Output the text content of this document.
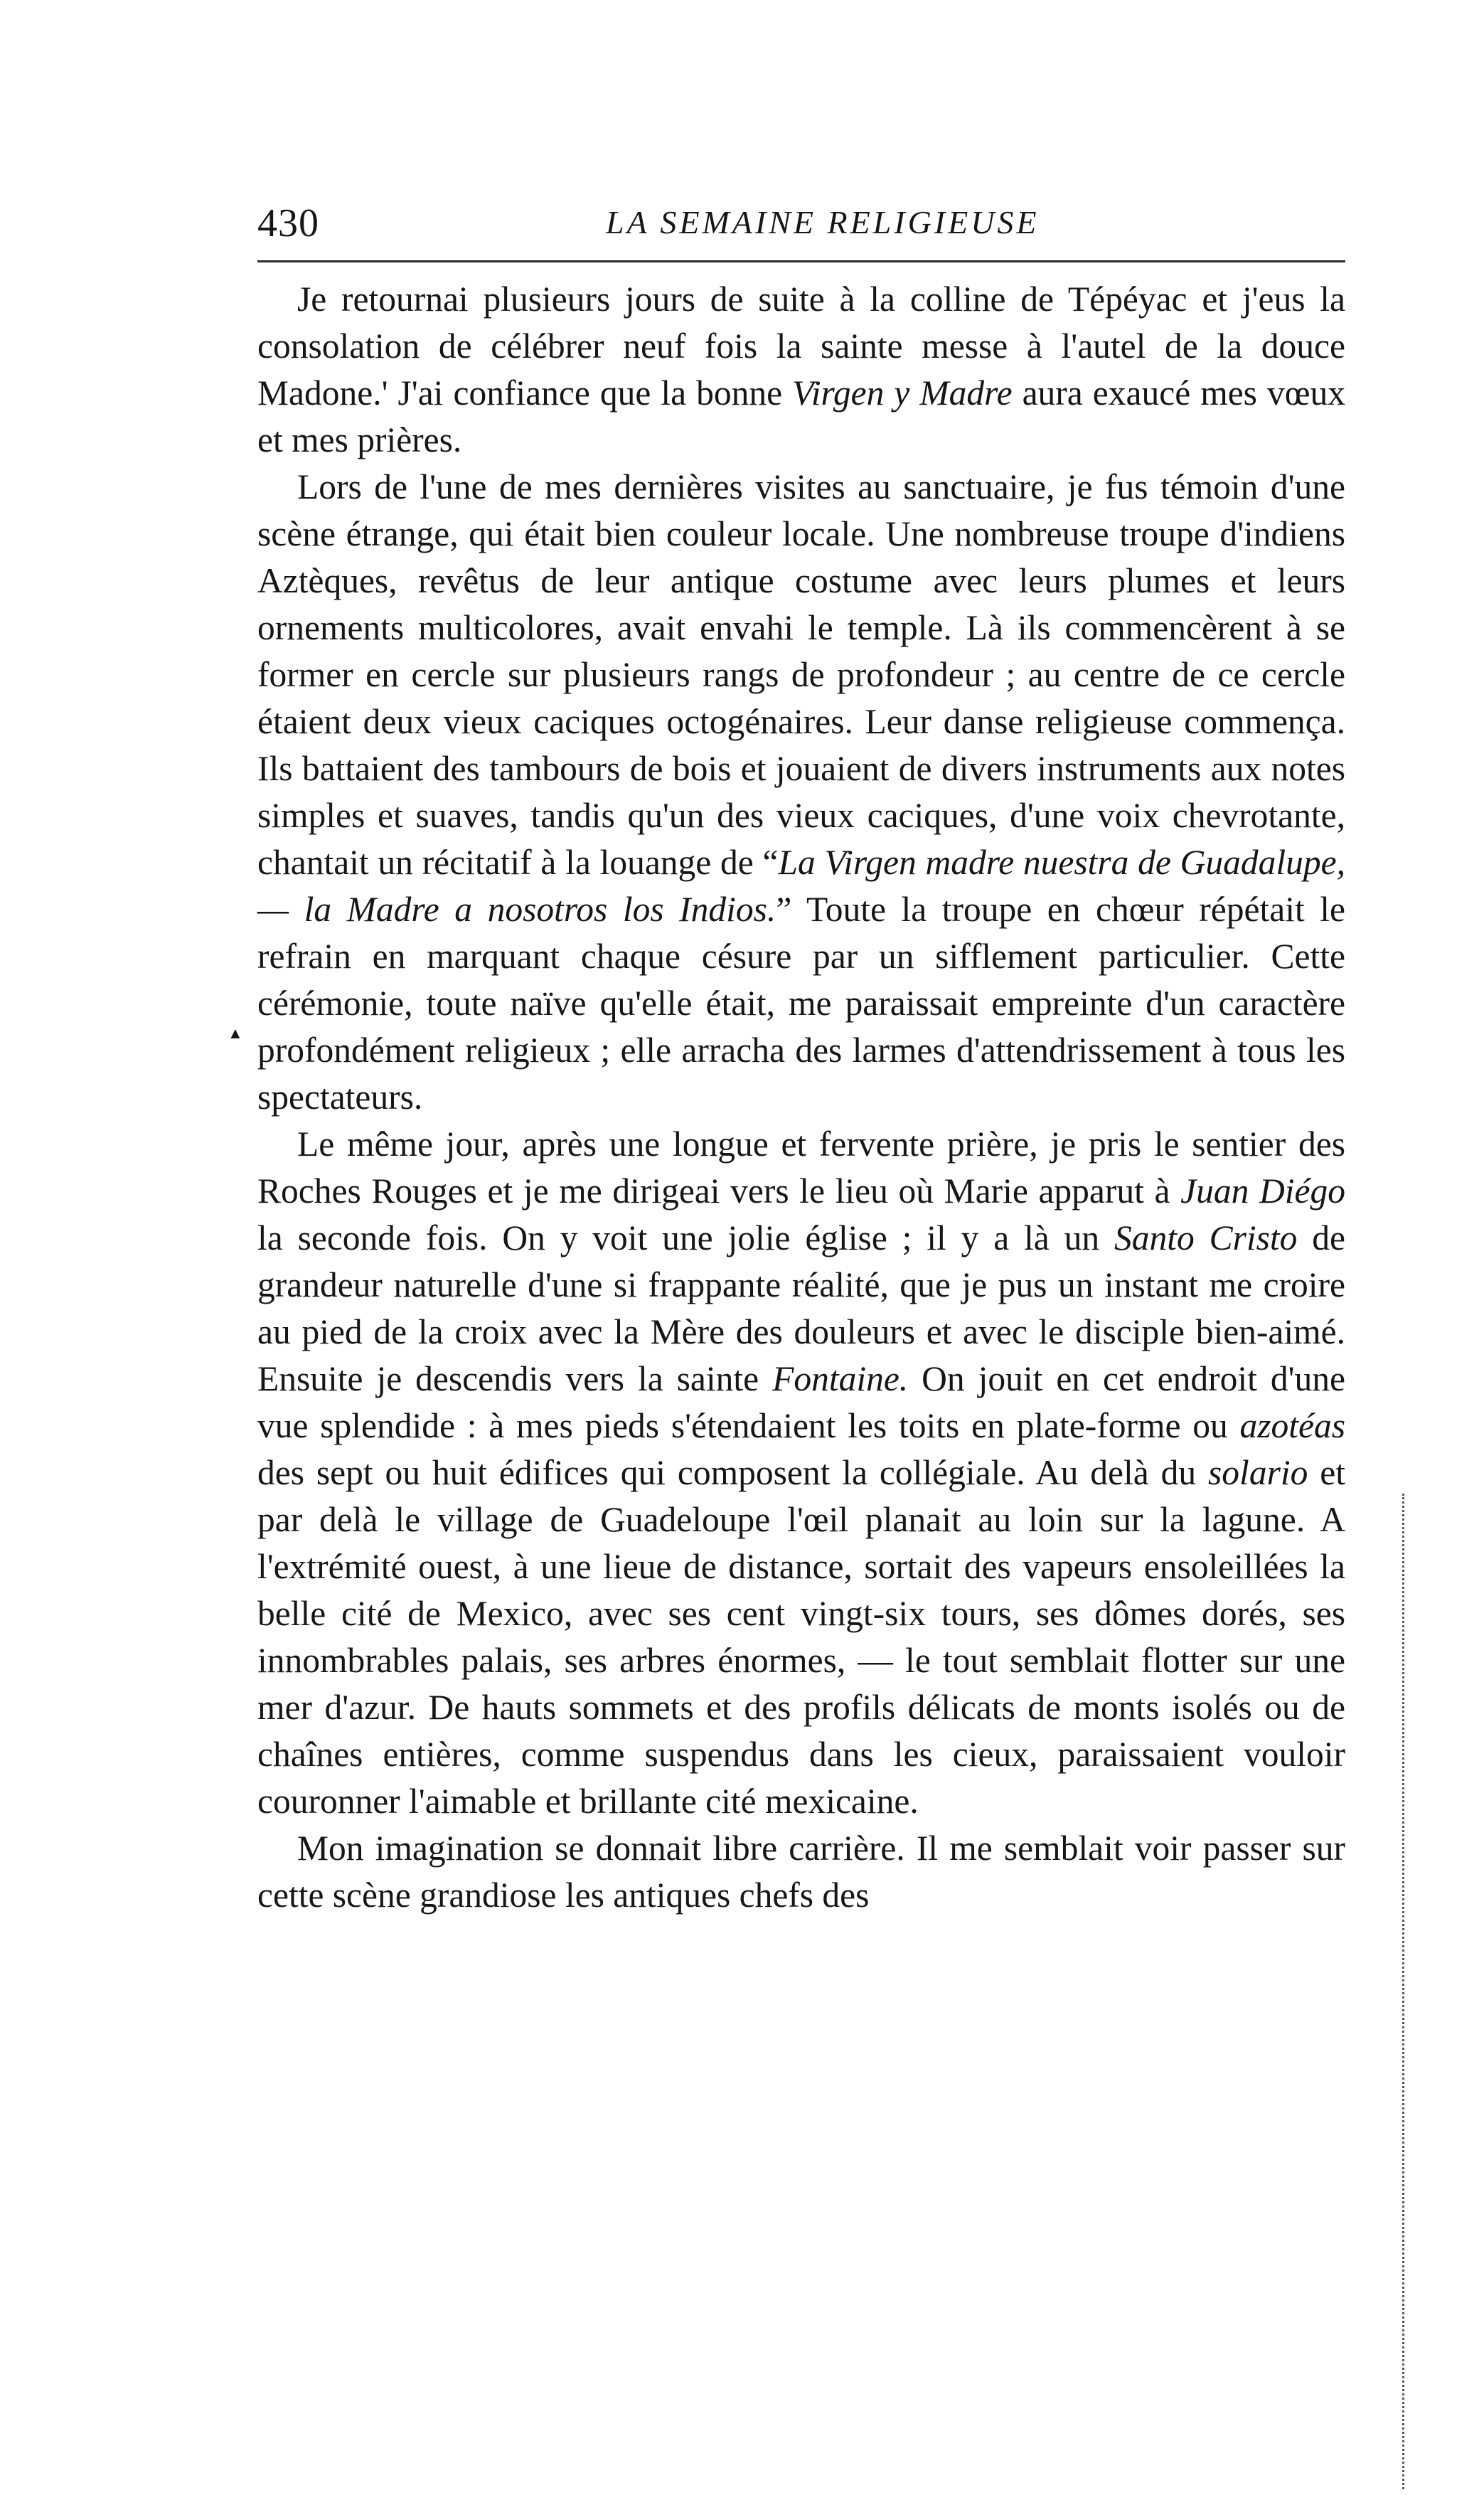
430	LA SEMAINE RELIGIEUSE
▲

Je retournai plusieurs jours de suite à la colline de Tépéyac et j'eus la consolation de célébrer neuf fois la sainte messe à l'autel de la douce Madone.' J'ai confiance que la bonne Virgen y Madre aura exaucé mes vœux et mes prières.

Lors de l'une de mes dernières visites au sanctuaire, je fus témoin d'une scène étrange, qui était bien couleur locale. Une nombreuse troupe d'indiens Aztèques, revêtus de leur antique costume avec leurs plumes et leurs ornements multicolores, avait envahi le temple. Là ils commencèrent à se former en cercle sur plusieurs rangs de profondeur ; au centre de ce cercle étaient deux vieux caciques octogénaires. Leur danse religieuse commença. Ils battaient des tambours de bois et jouaient de divers instruments aux notes simples et suaves, tandis qu'un des vieux caciques, d'une voix chevrotante, chantait un récitatif à la louange de “La Virgen madre nuestra de Guadalupe, — la Madre a nosotros los Indios.” Toute la troupe en chœur répétait le refrain en marquant chaque césure par un sifflement particulier. Cette cérémonie, toute naïve qu'elle était, me paraissait empreinte d'un caractère profondément religieux ; elle arracha des larmes d'attendrissement à tous les spectateurs.

Le même jour, après une longue et fervente prière, je pris le sentier des Roches Rouges et je me dirigeai vers le lieu où Marie apparut à Juan Diégo la seconde fois. On y voit une jolie église ; il y a là un Santo Cristo de grandeur naturelle d'une si frappante réalité, que je pus un instant me croire au pied de la croix avec la Mère des douleurs et avec le disciple bien-aimé. Ensuite je descendis vers la sainte Fontaine. On jouit en cet endroit d'une vue splendide : à mes pieds s'étendaient les toits en plate-forme ou azotéas des sept ou huit édifices qui composent la collégiale. Au delà du solario et par delà le village de Guadeloupe l'œil planait au loin sur la lagune. A l'extrémité ouest, à une lieue de distance, sortait des vapeurs ensoleillées la belle cité de Mexico, avec ses cent vingt-six tours, ses dômes dorés, ses innombrables palais, ses arbres énormes, — le tout semblait flotter sur une mer d'azur. De hauts sommets et des profils délicats de monts isolés ou de chaînes entières, comme suspendus dans les cieux, paraissaient vouloir couronner l'aimable et brillante cité mexicaine.

Mon imagination se donnait libre carrière. Il me semblait voir passer sur cette scène grandiose les antiques chefs des
